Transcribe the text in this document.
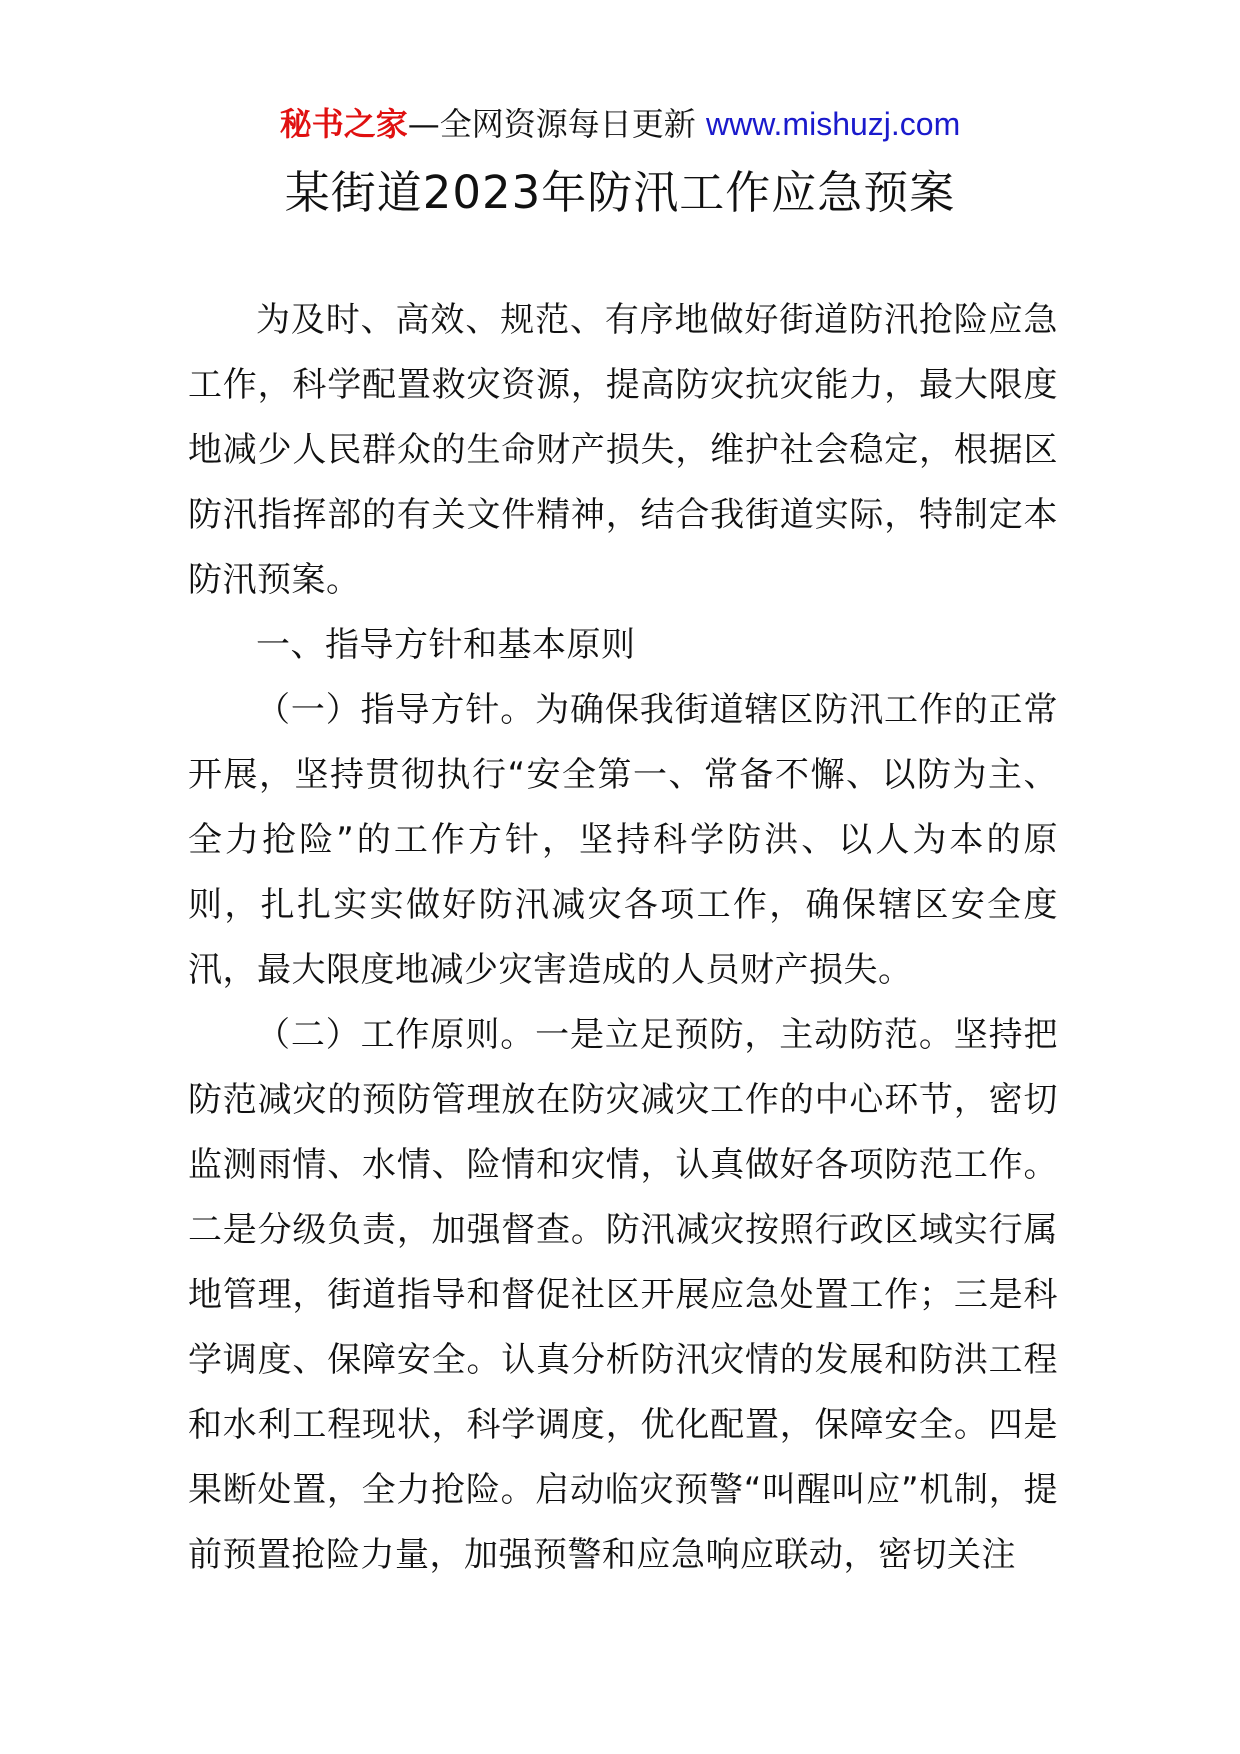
秘书之家—全网资源每日更新 www.mishuzj.com
某街道2023年防汛工作应急预案

为及时、高效、规范、有序地做好街道防汛抢险应急工作，科学配置救灾资源，提高防灾抗灾能力，最大限度地减少人民群众的生命财产损失，维护社会稳定，根据区防汛指挥部的有关文件精神，结合我街道实际，特制定本防汛预案。

一、指导方针和基本原则

（一）指导方针。为确保我街道辖区防汛工作的正常开展，坚持贯彻执行“安全第一、常备不懈、以防为主、全力抢险”的工作方针，坚持科学防洪、以人为本的原则，扎扎实实做好防汛减灾各项工作，确保辖区安全度汛，最大限度地减少灾害造成的人员财产损失。

（二）工作原则。一是立足预防，主动防范。坚持把防范减灾的预防管理放在防灾减灾工作的中心环节，密切监测雨情、水情、险情和灾情，认真做好各项防范工作。二是分级负责，加强督查。防汛减灾按照行政区域实行属地管理，街道指导和督促社区开展应急处置工作；三是科学调度、保障安全。认真分析防汛灾情的发展和防洪工程和水利工程现状，科学调度，优化配置，保障安全。四是果断处置，全力抢险。启动临灾预警“叫醒叫应”机制，提前预置抢险力量，加强预警和应急响应联动，密切关注
